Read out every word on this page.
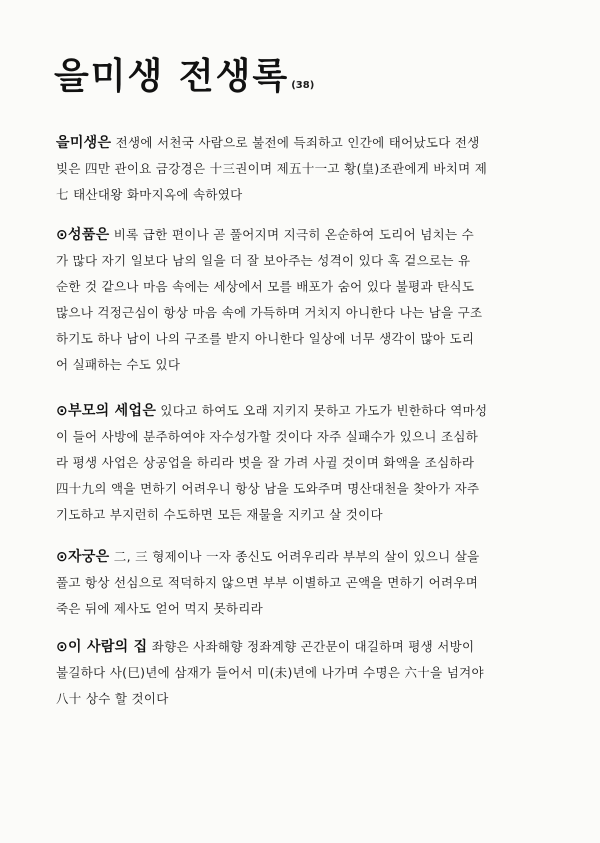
을미생 전생록 (38)
을미생은 전생에 서천국 사람으로 불전에 득죄하고 인간에 태어났도다 전생
빚은 四만 관이요 금강경은 十三권이며 제五十一고 황(皇)조관에게 바치며 제
七 태산대왕 화마지옥에 속하였다
⊙성품은 비록 급한 편이나 곧 풀어지며 지극히 온순하여 도리어 넘치는 수
가 많다 자기 일보다 남의 일을 더 잘 보아주는 성격이 있다 혹 겉으로는 유
순한 것 같으나 마음 속에는 세상에서 모를 배포가 숨어 있다 불평과 탄식도
많으나 걱정근심이 항상 마음 속에 가득하며 거치지 아니한다 나는 남을 구조
하기도 하나 남이 나의 구조를 받지 아니한다 일상에 너무 생각이 많아 도리
어 실패하는 수도 있다
⊙부모의 세업은 있다고 하여도 오래 지키지 못하고 가도가 빈한하다 역마성
이 들어 사방에 분주하여야 자수성가할 것이다 자주 실패수가 있으니 조심하
라 평생 사업은 상공업을 하리라 벗을 잘 가려 사귈 것이며 화액을 조심하라
四十九의 액을 면하기 어려우니 항상 남을 도와주며 명산대천을 찾아가 자주
기도하고 부지런히 수도하면 모든 재물을 지키고 살 것이다
⊙자궁은 二, 三 형제이나 一자 종신도 어려우리라 부부의 살이 있으니 살을
풀고 항상 선심으로 적덕하지 않으면 부부 이별하고 곤액을 면하기 어려우며
죽은 뒤에 제사도 얻어 먹지 못하리라
⊙이 사람의 집 좌향은 사좌해향 정좌계향 곤간문이 대길하며 평생 서방이
불길하다 사(巳)년에 삼재가 들어서 미(未)년에 나가며 수명은 六十을 넘겨야
八十 상수 할 것이다
